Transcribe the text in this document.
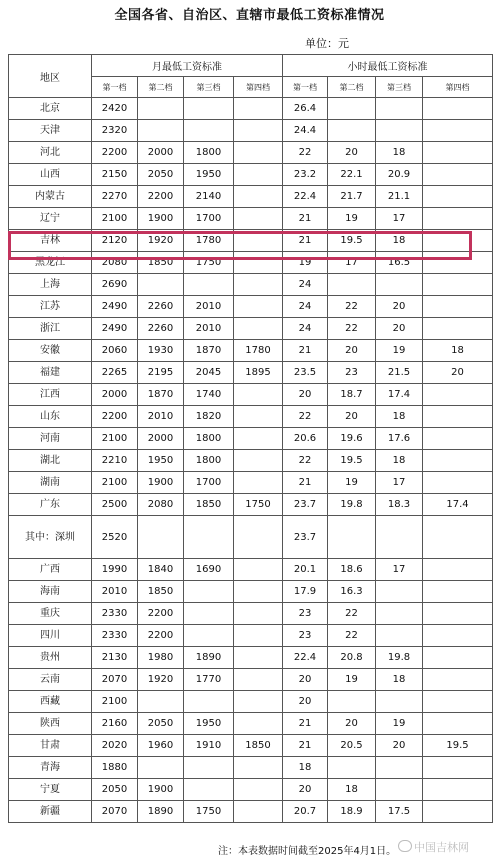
全国各省、自治区、直辖市最低工资标准情况
单位：元
地区	月最低工资标准				小时最低工资标准			
	第一档	第二档	第三档	第四档	第一档	第二档	第三档	第四档
北京	2420				26.4			
天津	2320				24.4			
河北	2200	2000	1800		22	20	18	
山西	2150	2050	1950		23.2	22.1	20.9	
内蒙古	2270	2200	2140		22.4	21.7	21.1	
辽宁	2100	1900	1700		21	19	17	
吉林	2120	1920	1780		21	19.5	18	
黑龙江	2080	1850	1750		19	17	16.5	
上海	2690				24			
江苏	2490	2260	2010		24	22	20	
浙江	2490	2260	2010		24	22	20	
安徽	2060	1930	1870	1780	21	20	19	18
福建	2265	2195	2045	1895	23.5	23	21.5	20
江西	2000	1870	1740		20	18.7	17.4	
山东	2200	2010	1820		22	20	18	
河南	2100	2000	1800		20.6	19.6	17.6	
湖北	2210	1950	1800		22	19.5	18	
湖南	2100	1900	1700		21	19	17	
广东	2500	2080	1850	1750	23.7	19.8	18.3	17.4
其中：深圳	2520				23.7			
广西	1990	1840	1690		20.1	18.6	17	
海南	2010	1850			17.9	16.3		
重庆	2330	2200			23	22		
四川	2330	2200			23	22		
贵州	2130	1980	1890		22.4	20.8	19.8	
云南	2070	1920	1770		20	19	18	
西藏	2100				20			
陕西	2160	2050	1950		21	20	19	
甘肃	2020	1960	1910	1850	21	20.5	20	19.5
青海	1880				18			
宁夏	2050	1900			20	18		
新疆	2070	1890	1750		20.7	18.9	17.5	
注：本表数据时间截至2025年4月1日。	中国吉林网
